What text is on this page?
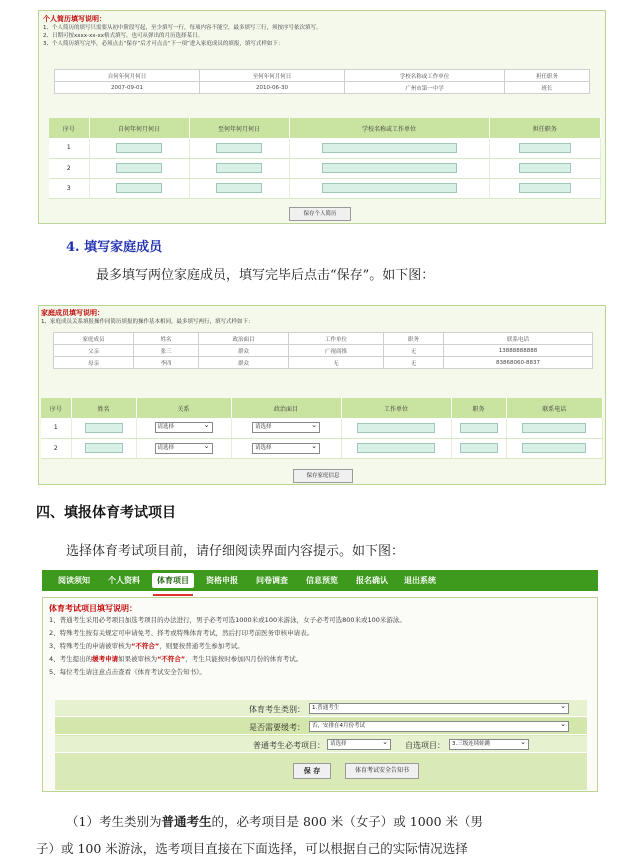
个人简历填写说明：
1、个人简历的填写只需要从初中阶段写起，至少填写一行，每项内容不能空，最多填写三行，须按序号依次填写。
2、日期可按xxxx-xx-xx格式填写，也可从弹出的月历选择某日。
3、个人简历填写完毕，必须点击“保存”后才可点击“下一项”进入家庭成员的填报，填写式样如下：
自何年何月何日	至何年何月何日	学校名称或工作单位	担任职务
2007-09-01	2010-06-30	广州市第一中学	班长
序号	自何年何月何日	至何年何月何日	学校名称或工作单位	担任职务
1				
2				
3				
保存个人简历
4. 填写家庭成员
最多填写两位家庭成员，填写完毕后点击“保存”。如下图：
家庭成员填写说明：
1、家庭成员关系填报操作同简历填报的操作基本相同，最多填写两行，填写式样如下：
家庭成员	姓名	政治面目	工作单位	职务	联系电话
父亲	张三	群众	广视商推	无	13888888888
母亲	李四	群众	无	无	83868060-8837
序号	姓名	关系	政治面目	工作单位	职务	联系电话
1		请选择 ⌄	请选择 ⌄			
2		请选择 ⌄	请选择 ⌄			
保存家庭信息
四、填报体育考试项目
选择体育考试项目前，请仔细阅读界面内容提示。如下图：
阅读须知 个人资料	体育项目	资格申报 问卷调查 信息预览 报名确认 退出系统
体育考试项目填写说明：
1、普通考生采用必考项目加选考项目的办法进行，男子必考可选1000米或100米游泳，女子必考可选800米或100米游泳。
2、特殊考生按有关规定可申请免考、择考或特殊体育考试，然后打印考前医务审核申请表。
3、特殊考生的申请被审核为“不符合”，则要按普通考生参加考试。
4、考生提出的缓考申请如果被审核为“不符合”，考生只能按时参加四月份的体育考试。
5、每位考生请注意点击查看《体育考试安全告知书》。
体育考生类别：	1.普通考生 ⌄
是否需要缓考：	否，安排在4月份考试 ⌄
普通考生必考项目： 请选择 ⌄	自选项目：	3.三级连续蛙跳 ⌄
保 存	体育考试安全告知书
（1）考生类别为普通考生的，必考项目是 800 米（女子）或 1000 米（男
子）或 100 米游泳，选考项目直接在下面选择，可以根据自己的实际情况选择
